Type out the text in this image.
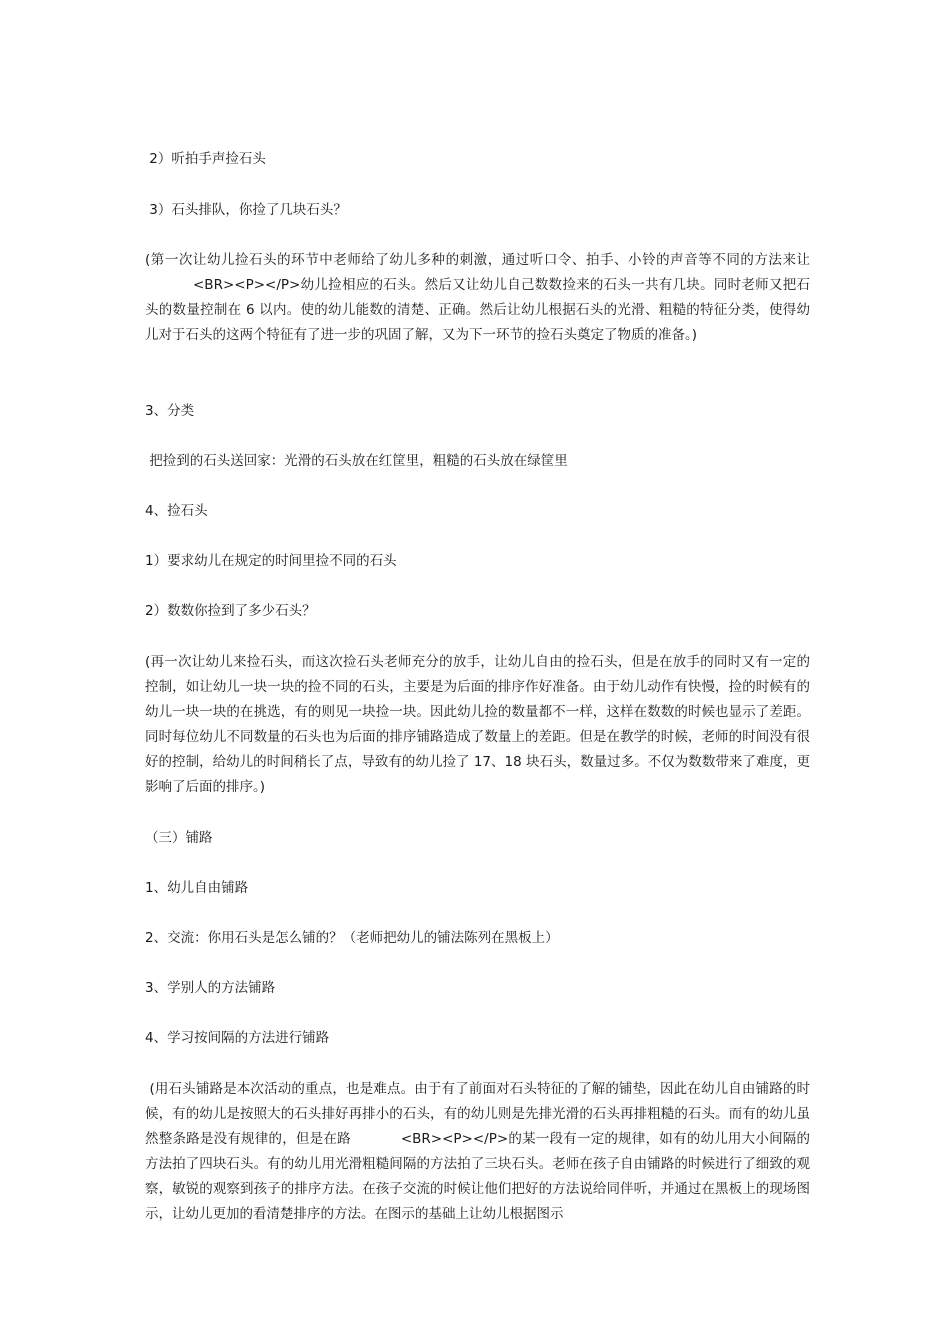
2）听拍手声捡石头

3）石头排队，你捡了几块石头？

(第一次让幼儿捡石头的环节中老师给了幼儿多种的刺激，通过听口令、拍手、小铃的声音等不同的方法来让<BR><P></P>幼儿捡相应的石头。然后又让幼儿自己数数捡来的石头一共有几块。同时老师又把石头的数量控制在 6 以内。使的幼儿能数的清楚、正确。然后让幼儿根据石头的光滑、粗糙的特征分类，使得幼儿对于石头的这两个特征有了进一步的巩固了解，又为下一环节的捡石头奠定了物质的准备。)

3、分类

把捡到的石头送回家：光滑的石头放在红筐里，粗糙的石头放在绿筐里

4、捡石头

1）要求幼儿在规定的时间里捡不同的石头

2）数数你捡到了多少石头？

(再一次让幼儿来捡石头，而这次捡石头老师充分的放手，让幼儿自由的捡石头，但是在放手的同时又有一定的控制，如让幼儿一块一块的捡不同的石头，主要是为后面的排序作好准备。由于幼儿动作有快慢，捡的时候有的幼儿一块一块的在挑选，有的则见一块捡一块。因此幼儿捡的数量都不一样，这样在数数的时候也显示了差距。同时每位幼儿不同数量的石头也为后面的排序铺路造成了数量上的差距。但是在教学的时候，老师的时间没有很好的控制，给幼儿的时间稍长了点，导致有的幼儿捡了 17、18 块石头，数量过多。不仅为数数带来了难度，更影响了后面的排序。)

（三）铺路

1、幼儿自由铺路

2、交流：你用石头是怎么铺的？（老师把幼儿的铺法陈列在黑板上）

3、学别人的方法铺路

4、学习按间隔的方法进行铺路

(用石头铺路是本次活动的重点，也是难点。由于有了前面对石头特征的了解的铺垫，因此在幼儿自由铺路的时候，有的幼儿是按照大的石头排好再排小的石头，有的幼儿则是先排光滑的石头再排粗糙的石头。而有的幼儿虽然整条路是没有规律的，但是在路	<BR><P></P>的某一段有一定的规律，如有的幼儿用大小间隔的方法拍了四块石头。有的幼儿用光滑粗糙间隔的方法拍了三块石头。老师在孩子自由铺路的时候进行了细致的观察，敏锐的观察到孩子的排序方法。在孩子交流的时候让他们把好的方法说给同伴听，并通过在黑板上的现场图示，让幼儿更加的看清楚排序的方法。在图示的基础上让幼儿根据图示
